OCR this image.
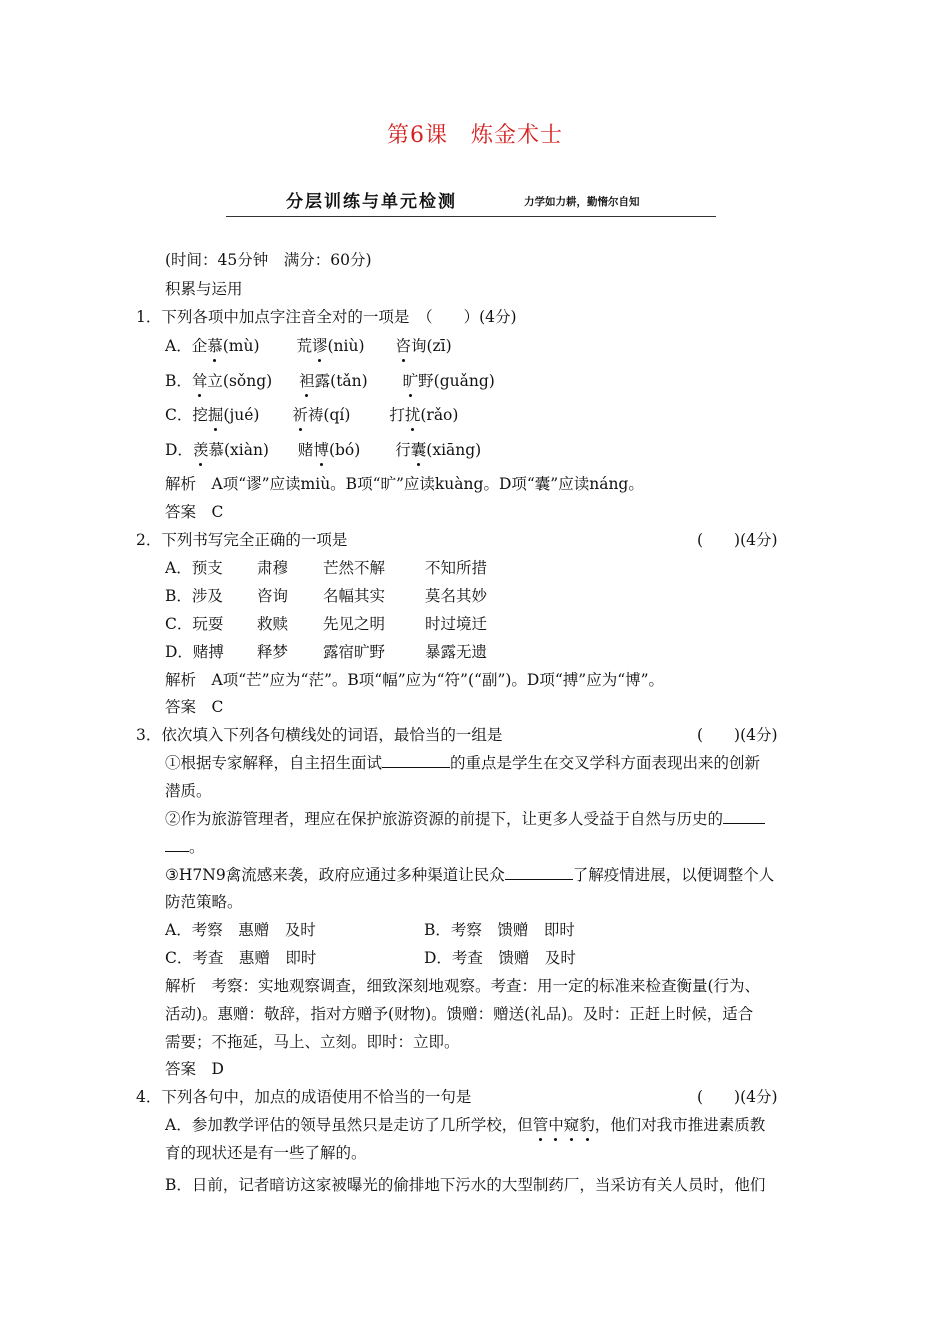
第6课　炼金术士
分层训练与单元检测	力学如力耕，勤惰尔自知
(时间：45分钟　满分：60分)
积累与运用
1．下列各项中加点字注音全对的一项是　（　　）(4分)
A．企慕(mù) 荒谬(niù) 咨询(zī)
B．耸立(sǒng) 袒露(tǎn) 旷野(guǎng)
C．挖掘(jué) 祈祷(qí)	打扰(rǎo)
D．羡慕(xiàn) 赌博(bó) 行囊(xiāng)
解析　A项“谬”应读miù。B项“旷”应读kuàng。D项“囊”应读náng。
答案　C
2．下列书写完全正确的一项是	(　　)(4分)
A．预支 肃穆 芒然不解	不知所措
B．涉及 咨询 名幅其实	莫名其妙
C．玩耍 救赎 先见之明	时过境迁
D．赌搏 释梦 露宿旷野	暴露无遗
解析　A项“芒”应为“茫”。B项“幅”应为“符”(“副”)。D项“搏”应为“博”。
答案　C
3．依次填入下列各句横线处的词语，最恰当的一组是	(　　)(4分)
①根据专家解释，自主招生面试	的重点是学生在交叉学科方面表现出来的创新
潜质。
②作为旅游管理者，理应在保护旅游资源的前提下，让更多人受益于自然与历史的
。
③H7N9禽流感来袭，政府应通过多种渠道让民众	了解疫情进展，以便调整个人
防范策略。
A．考察　惠赠　及时	B．考察　馈赠　即时
C．考查　惠赠　即时	D．考查　馈赠　及时
解析　考察：实地观察调查，细致深刻地观察。考查：用一定的标准来检查衡量(行为、
活动)。惠赠：敬辞，指对方赠予(财物)。馈赠：赠送(礼品)。及时：正赶上时候，适合
需要；不拖延，马上、立刻。即时：立即。
答案　D
4．下列各句中，加点的成语使用不恰当的一句是	(　　)(4分)
A．参加教学评估的领导虽然只是走访了几所学校，但管中窥豹，他们对我市推进素质教
育的现状还是有一些了解的。
B．日前，记者暗访这家被曝光的偷排地下污水的大型制药厂，当采访有关人员时，他们
